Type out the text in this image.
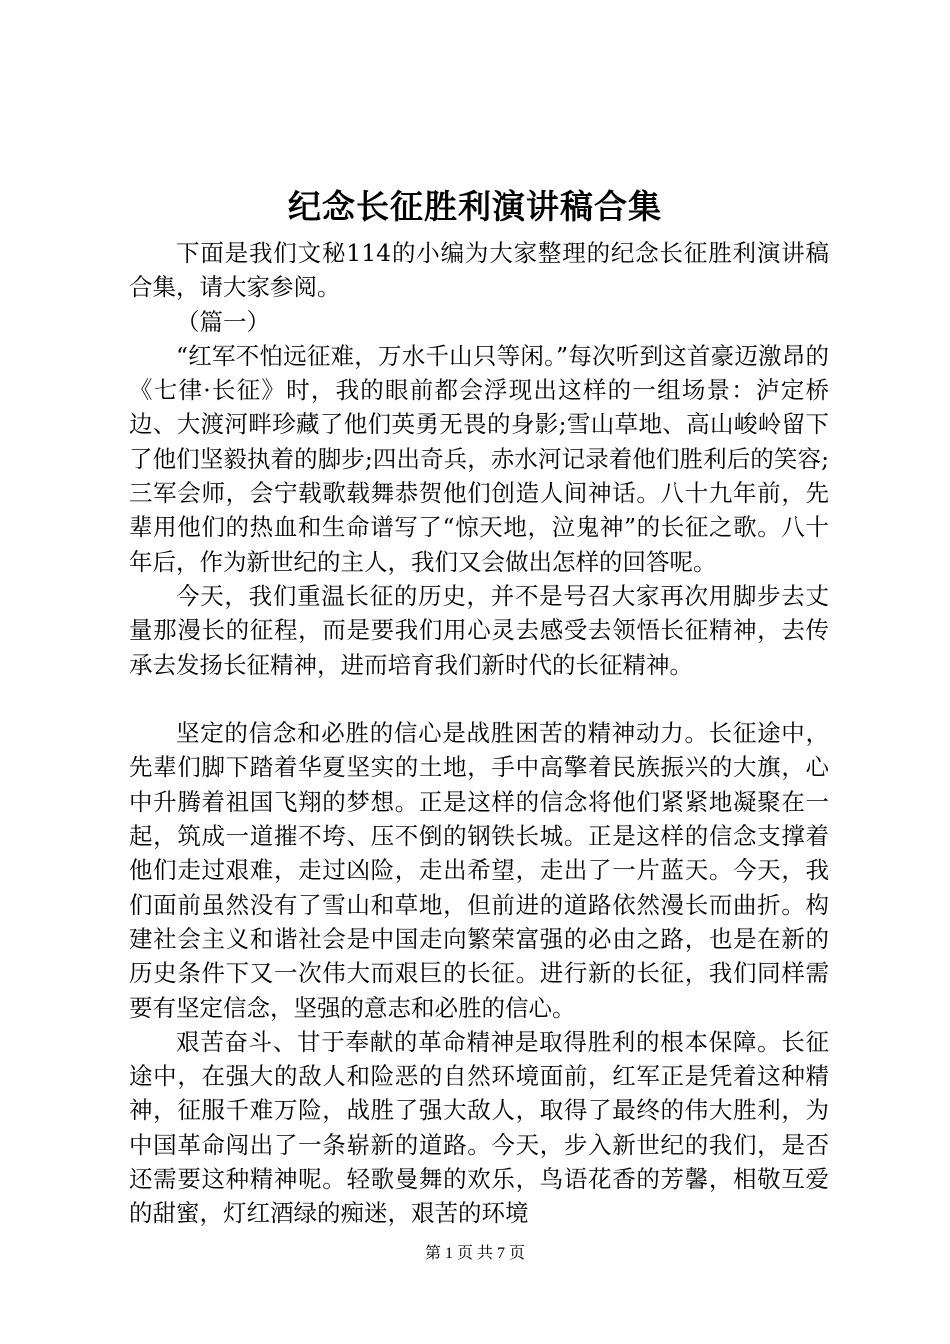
纪念长征胜利演讲稿合集

下面是我们文秘114的小编为大家整理的纪念长征胜利演讲稿合集，请大家参阅。

（篇一）

“红军不怕远征难，万水千山只等闲。”每次听到这首豪迈激昂的《七律·长征》时，我的眼前都会浮现出这样的一组场景：泸定桥边、大渡河畔珍藏了他们英勇无畏的身影;雪山草地、高山峻岭留下了他们坚毅执着的脚步;四出奇兵，赤水河记录着他们胜利后的笑容;三军会师，会宁载歌载舞恭贺他们创造人间神话。八十九年前，先辈用他们的热血和生命谱写了“惊天地，泣鬼神”的长征之歌。八十年后，作为新世纪的主人，我们又会做出怎样的回答呢。

今天，我们重温长征的历史，并不是号召大家再次用脚步去丈量那漫长的征程，而是要我们用心灵去感受去领悟长征精神，去传承去发扬长征精神，进而培育我们新时代的长征精神。

坚定的信念和必胜的信心是战胜困苦的精神动力。长征途中，先辈们脚下踏着华夏坚实的土地，手中高擎着民族振兴的大旗，心中升腾着祖国飞翔的梦想。正是这样的信念将他们紧紧地凝聚在一起，筑成一道摧不垮、压不倒的钢铁长城。正是这样的信念支撑着他们走过艰难，走过凶险，走出希望，走出了一片蓝天。今天，我们面前虽然没有了雪山和草地，但前进的道路依然漫长而曲折。构建社会主义和谐社会是中国走向繁荣富强的必由之路，也是在新的历史条件下又一次伟大而艰巨的长征。进行新的长征，我们同样需要有坚定信念，坚强的意志和必胜的信心。

艰苦奋斗、甘于奉献的革命精神是取得胜利的根本保障。长征途中，在强大的敌人和险恶的自然环境面前，红军正是凭着这种精神，征服千难万险，战胜了强大敌人，取得了最终的伟大胜利，为中国革命闯出了一条崭新的道路。今天，步入新世纪的我们，是否还需要这种精神呢。轻歌曼舞的欢乐，鸟语花香的芳馨，相敬互爱的甜蜜，灯红酒绿的痴迷，艰苦的环境

第 1 页 共 7 页
